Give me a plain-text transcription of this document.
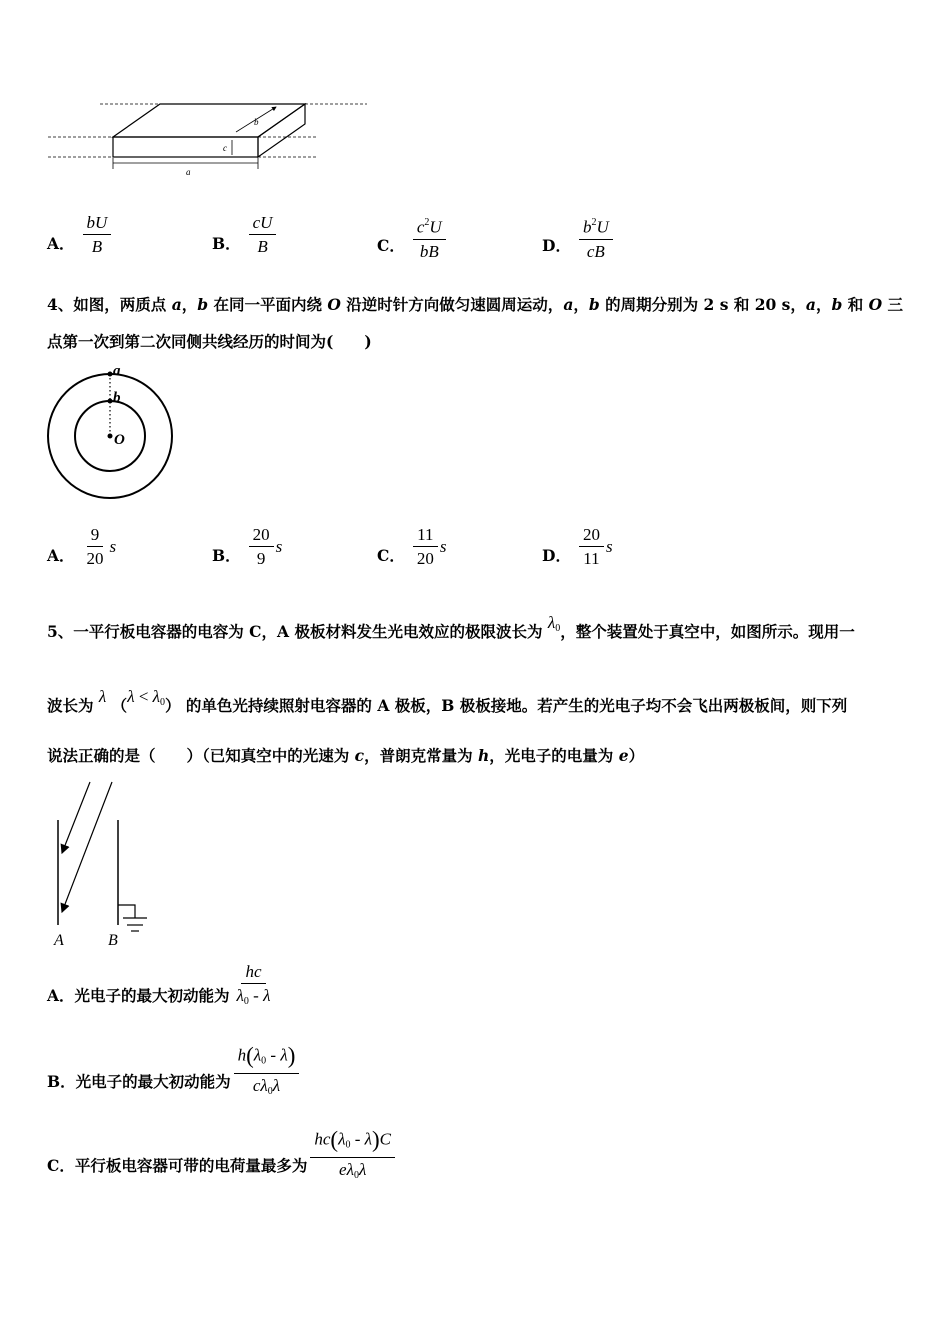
a
b
c
A． $\frac{bU}{B}$	B． $\frac{cU}{B}$	C． $\frac{c^2U}{bB}$	D． $\frac{b^2U}{cB}$
4、如图，两质点 a，b 在同一平面内绕 O 沿逆时针方向做匀速圆周运动，a，b 的周期分别为 2 s 和 20 s，a，b 和 O 三
点第一次到第二次同侧共线经历的时间为(　　)
a
b
O
A． $\frac{9}{20}$ s	B． $\frac{20}{9}$ s	C． $\frac{11}{20}$ s	D． $\frac{20}{11}$ s
5、一平行板电容器的电容为 C，A 极板材料发生光电效应的极限波长为 $\lambda^0$，整个装置处于真空中，如图所示。现用一
波长为 λ $(\lambda < \lambda^0)$ 的单色光持续照射电容器的 A 极板，B 极板接地。若产生的光电子均不会飞出两极板间，则下列
说法正确的是（　　）（已知真空中的光速为 c，普朗克常量为 h，光电子的电量为 e）
A	B
A．光电子的最大初动能为 $\frac{hc}{\lambda_0 - \lambda}$
B．光电子的最大初动能为 $\frac{h(\lambda_0 - \lambda)}{c\lambda_0\lambda}$
C．平行板电容器可带的电荷量最多为 $\frac{hc(\lambda_0 - \lambda)C}{e\lambda_0\lambda}$
